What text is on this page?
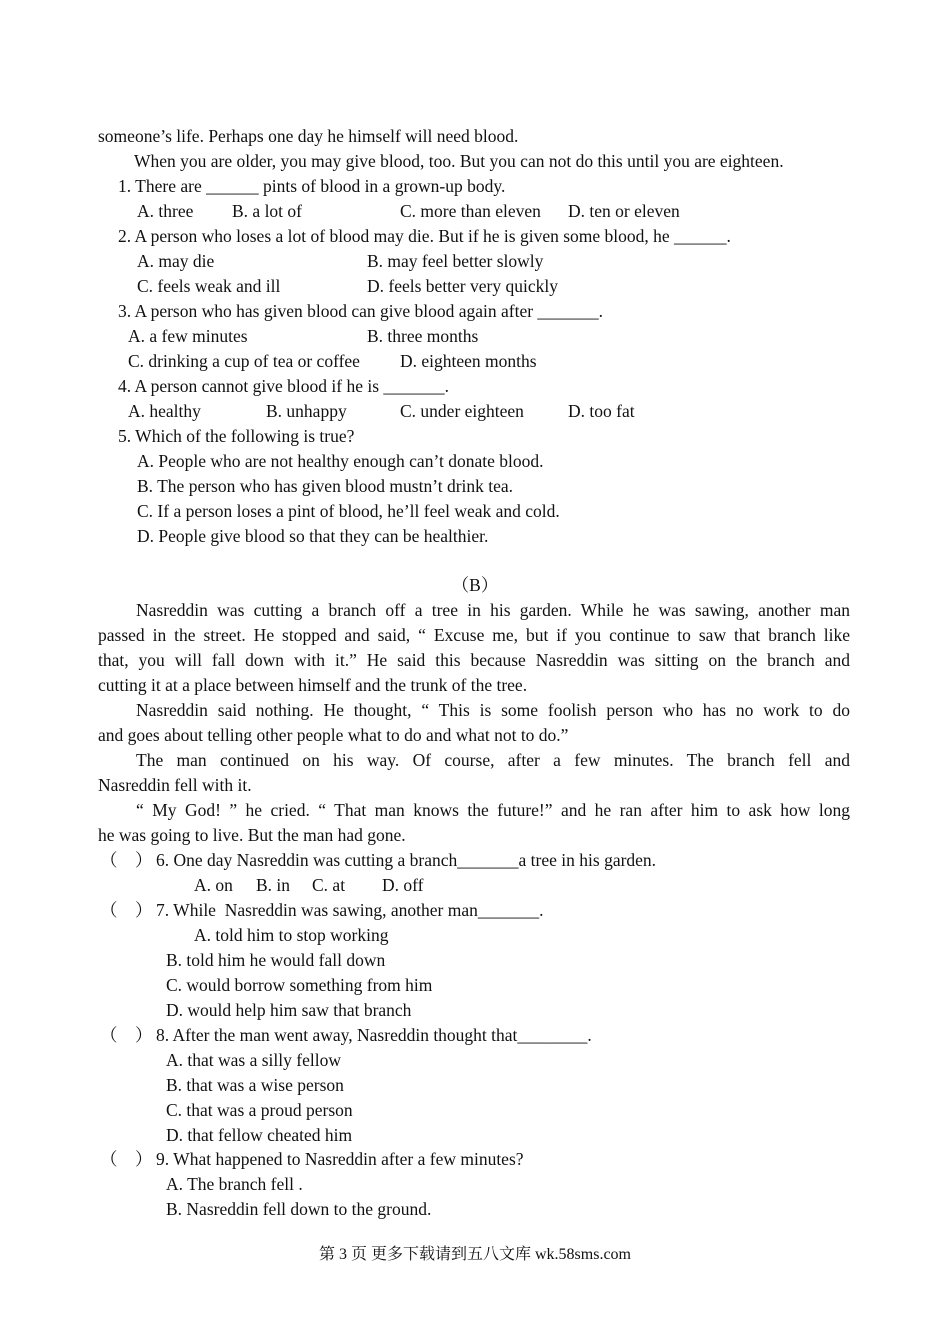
someone’s life. Perhaps one day he himself will need blood.
When you are older, you may give blood, too. But you can not do this until you are eighteen.
1. There are ______ pints of blood in a grown-up body.
A. three B. a lot of	C. more than eleven D. ten or eleven
2. A person who loses a lot of blood may die. But if he is given some blood, he ______.
A. may die	B. may feel better slowly
C. feels weak and ill	D. feels better very quickly
3. A person who has given blood can give blood again after _______.
A. a few minutes	B. three months
C. drinking a cup of tea or coffee D. eighteen months
4. A person cannot give blood if he is _______.
A. healthy	B. unhappy	C. under eighteen	D. too fat
5. Which of the following is true?
A. People who are not healthy enough can’t donate blood.
B. The person who has given blood mustn’t drink tea.
C. If a person loses a pint of blood, he’ll feel weak and cold.
D. People give blood so that they can be healthier.
（B）
Nasreddin was cutting a branch off a tree in his garden. While he was sawing, another man
passed in the street. He stopped and said, “ Excuse me, but if you continue to saw that branch like
that, you will fall down with it.” He said this because Nasreddin was sitting on the branch and
cutting it at a place between himself and the trunk of the tree.
Nasreddin said nothing. He thought, “ This is some foolish person who has no work to do
and goes about telling other people what to do and what not to do.”
The man continued on his way. Of course, after a few minutes. The branch fell and
Nasreddin fell with it.
“ My God! ” he cried. “ That man knows the future!” and he ran after him to ask how long
he was going to live. But the man had gone.
（　） 6. One day Nasreddin was cutting a branch_______a tree in his garden.
A. on B. in C. at D. off
（　） 7. While  Nasreddin was sawing, another man_______.
A. told him to stop working
B. told him he would fall down
C. would borrow something from him
D. would help him saw that branch
（　） 8. After the man went away, Nasreddin thought that________.
A. that was a silly fellow
B. that was a wise person
C. that was a proud person
D. that fellow cheated him
（　） 9. What happened to Nasreddin after a few minutes?
A. The branch fell .
B. Nasreddin fell down to the ground.
第 3 页 更多下载请到五八文库 wk.58sms.com
